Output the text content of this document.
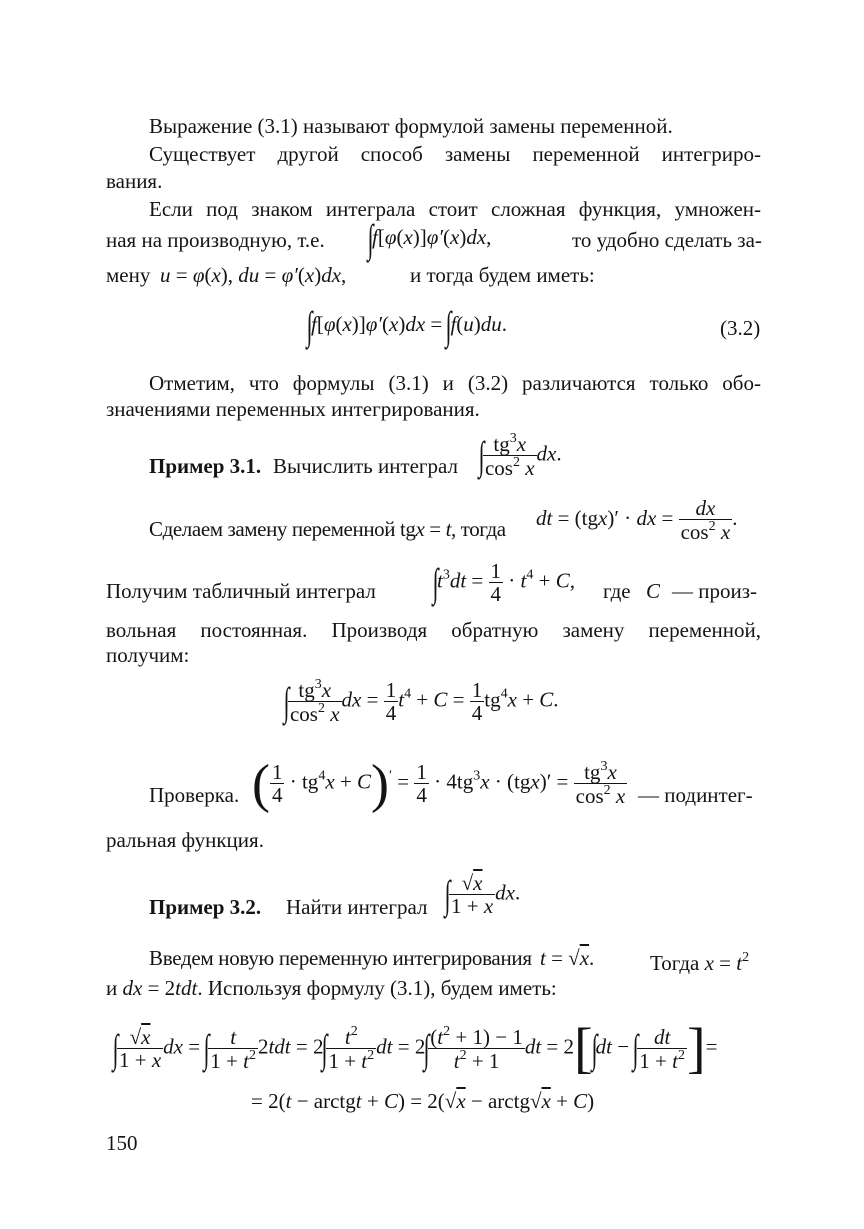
Выражение (3.1) называют формулой замены переменной.
Существует другой способ замены переменной интегриро-
вания.
Если под знаком интеграла стоит сложная функция, умножен-
ная на производную, т.е. ∫f[φ(x)]φ′(x)dx,	то удобно сделать за-
мену u = φ(x), du = φ′(x)dx,	и тогда будем иметь:
∫f[φ(x)]φ′(x)dx = ∫f(u)du.	(3.2)
Отметим, что формулы (3.1) и (3.2) различаются только обо-
значениями переменных интегрирования.
Пример 3.1. Вычислить интеграл ∫
$\frac{tg^3x}{\cos^2 x}$ dx.
Сделаем замену переменной tgx = t, тогда dt = (tgx)′ · dx = $\frac{dx}{\cos^2 x}$ .
Получим табличный интеграл $\int t^3dt = \frac{1}{4} \cdot t^4 + C$, где C — произ-
вольная постоянная. Производя обратную замену переменной,
получим:
∫
$\frac{tg^3x}{\cos^2 x}$ dx = $\frac{1}{4} t^4 + C = \frac{1}{4} tg^4x + C$.
Проверка. ( $\frac{1}{4} \cdot tg^4x + C)' = \frac{1}{4} \cdot 4tg^3x \cdot (tgx)' = \frac{tg^3x}{\cos^2 x}$ — подинтег-
ральная функция.
Пример 3.2. Найти интеграл ∫
$\frac{√x}{1 + x}$ dx.
Введем новую переменную интегрирования t = √x.	Тогда $x = t^2$
и dx = 2tdt. Используя формулу (3.1), будем иметь:
∫
$\frac{√x}{1 + x}$ dx = ∫
$\frac{t}{1 + t^2} 2tdt = 2\int$
$\frac{t^2}{1 + t^2}$ dt = 2∫
$\frac{(t^2 + 1) - 1}{t^2 + 1}$ dt = 2[∫dt − ∫
$\frac{dt}{1 + t^2}$ ]=
= 2(t − arctgt + C) = 2(√x − arctg√x + C)
150
